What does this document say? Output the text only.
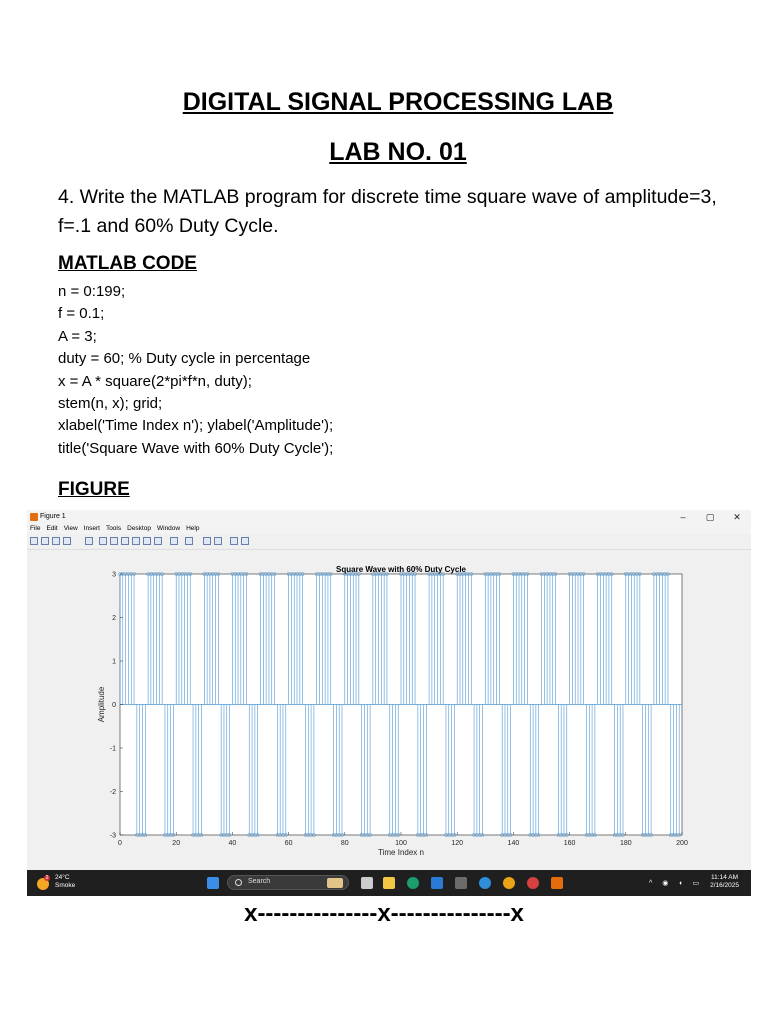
DIGITAL SIGNAL PROCESSING LAB
LAB NO. 01

4. Write the MATLAB program for discrete time square wave of amplitude=3, f=.1 and 60% Duty Cycle.

MATLAB CODE
n = 0:199;
f = 0.1;
A = 3;
duty = 60; % Duty cycle in percentage
x = A * square(2*pi*f*n, duty);
stem(n, x); grid;
xlabel('Time Index n'); ylabel('Amplitude');
title('Square Wave with 60% Duty Cycle');
FIGURE
Figure 1	–	▢	✕
File Edit View Insert Tools Desktop Window Help
0	20	40	60	80	100	120	140	160	180	200
-3
-2
-1
0
1
2
3
Square Wave with 60% Duty Cycle
Time Index n
Amplitude
2 24°C
Smoke
Search	^ ◉ ◖ ▭
11:14 AM
2/16/2025

x---------------x---------------x
